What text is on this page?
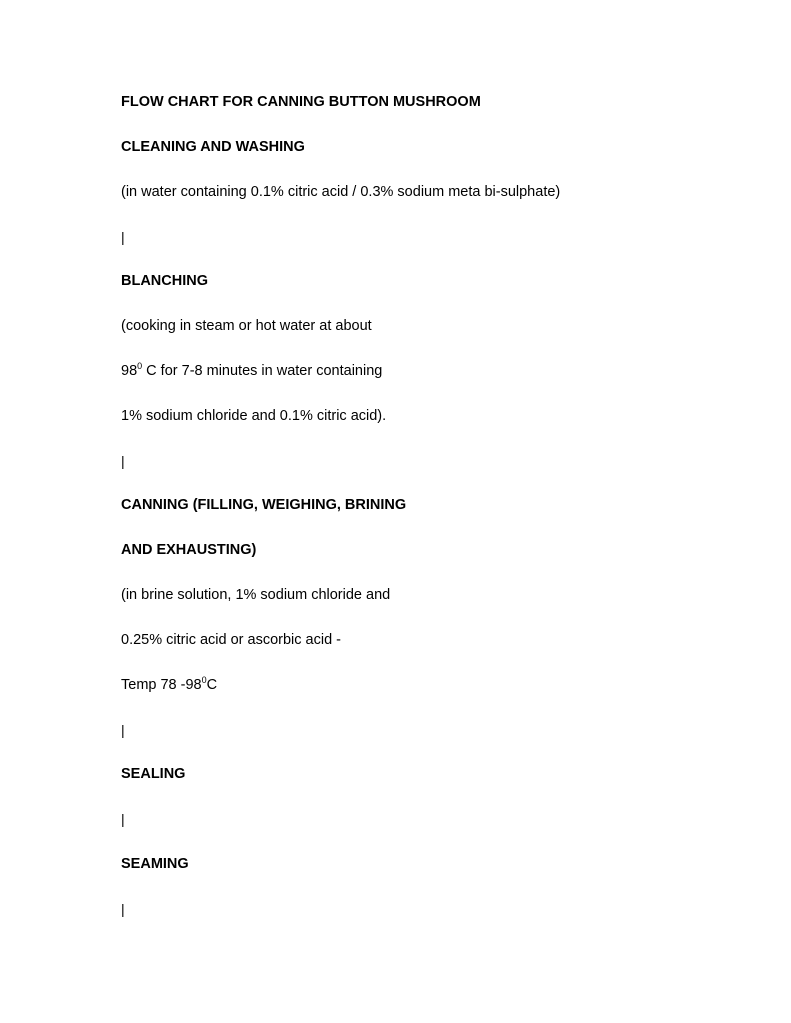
FLOW CHART FOR CANNING BUTTON MUSHROOM
CLEANING AND WASHING
(in water containing 0.1% citric acid / 0.3% sodium meta bi-sulphate)
|
BLANCHING
(cooking in steam or hot water at about
$98^0$ C for 7-8 minutes in water containing
1% sodium chloride and 0.1% citric acid).
|
CANNING (FILLING, WEIGHING, BRINING
AND EXHAUSTING)
(in brine solution, 1% sodium chloride and
0.25% citric acid or ascorbic acid -
Temp 78 $-98^0C$
|
SEALING
|
SEAMING
|
